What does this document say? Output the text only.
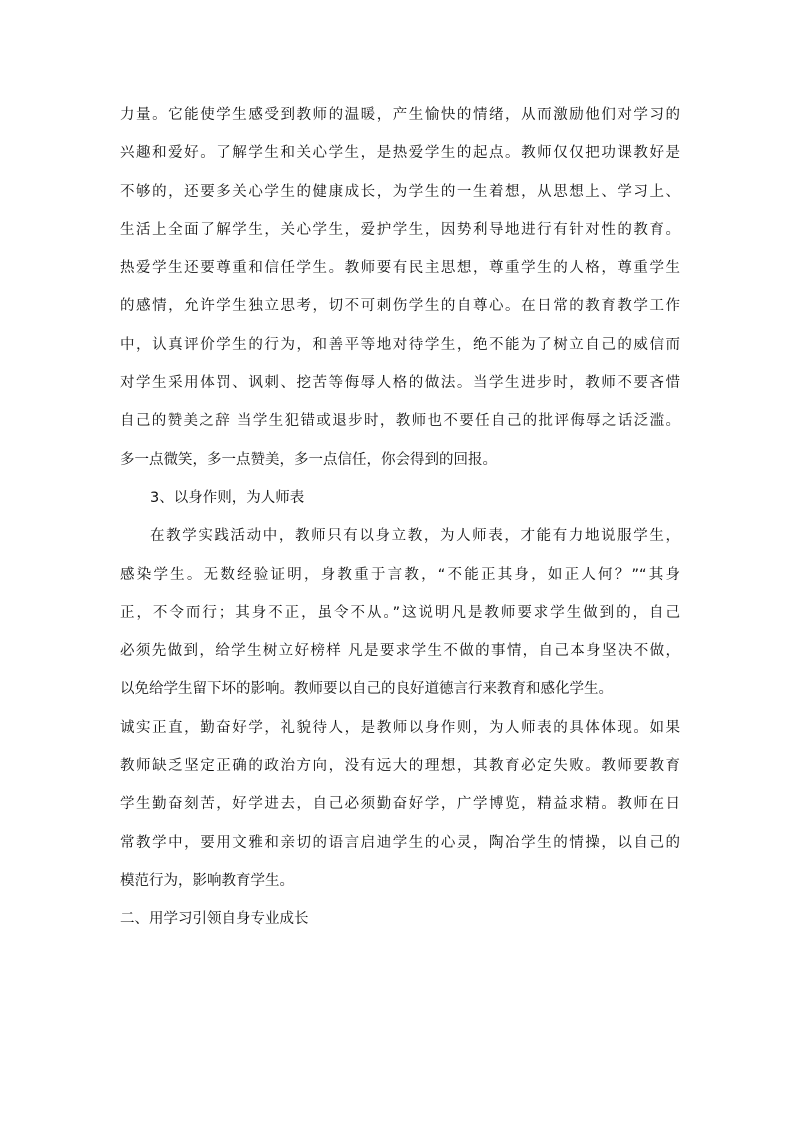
力量。它能使学生感受到教师的温暖，产生愉快的情绪，从而激励他们对学习的
兴趣和爱好。了解学生和关心学生，是热爱学生的起点。教师仅仅把功课教好是
不够的，还要多关心学生的健康成长，为学生的一生着想，从思想上、学习上、
生活上全面了解学生，关心学生，爱护学生，因势利导地进行有针对性的教育。
热爱学生还要尊重和信任学生。教师要有民主思想，尊重学生的人格，尊重学生
的感情，允许学生独立思考，切不可刺伤学生的自尊心。在日常的教育教学工作
中，认真评价学生的行为，和善平等地对待学生，绝不能为了树立自己的威信而
对学生采用体罚、讽刺、挖苦等侮辱人格的做法。当学生进步时，教师不要吝惜
自己的赞美之辞 当学生犯错或退步时，教师也不要任自己的批评侮辱之话泛滥。
多一点微笑，多一点赞美，多一点信任，你会得到的回报。
3、以身作则，为人师表
在教学实践活动中，教师只有以身立教，为人师表，才能有力地说服学生，
感染学生。无数经验证明，身教重于言教，“不能正其身，如正人何？”“其身
正，不令而行；其身不正，虽令不从。”这说明凡是教师要求学生做到的，自己
必须先做到，给学生树立好榜样 凡是要求学生不做的事情，自己本身坚决不做，
以免给学生留下坏的影响。教师要以自己的良好道德言行来教育和感化学生。
诚实正直，勤奋好学，礼貌待人，是教师以身作则，为人师表的具体体现。如果
教师缺乏坚定正确的政治方向，没有远大的理想，其教育必定失败。教师要教育
学生勤奋刻苦，好学进去，自己必须勤奋好学，广学博览，精益求精。教师在日
常教学中，要用文雅和亲切的语言启迪学生的心灵，陶冶学生的情操，以自己的
模范行为，影响教育学生。
二、用学习引领自身专业成长
